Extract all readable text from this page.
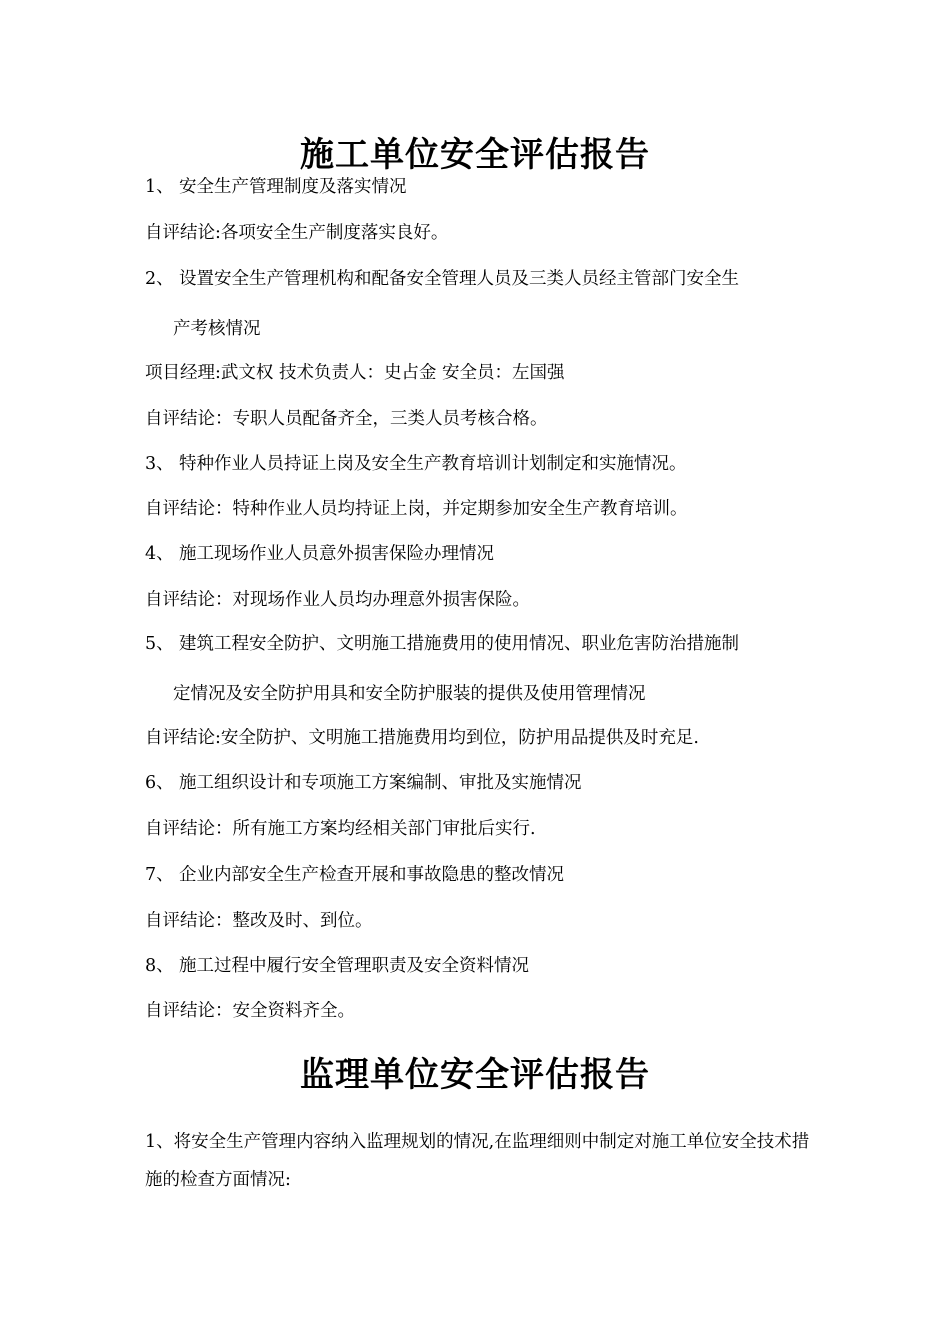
施工单位安全评估报告
1、 安全生产管理制度及落实情况
自评结论:各项安全生产制度落实良好。
2、 设置安全生产管理机构和配备安全管理人员及三类人员经主管部门安全生
产考核情况
项目经理:武文权 技术负责人：史占金 安全员：左国强
自评结论：专职人员配备齐全，三类人员考核合格。
3、 特种作业人员持证上岗及安全生产教育培训计划制定和实施情况。
自评结论：特种作业人员均持证上岗，并定期参加安全生产教育培训。
4、 施工现场作业人员意外损害保险办理情况
自评结论：对现场作业人员均办理意外损害保险。
5、 建筑工程安全防护、文明施工措施费用的使用情况、职业危害防治措施制
定情况及安全防护用具和安全防护服装的提供及使用管理情况
自评结论:安全防护、文明施工措施费用均到位，防护用品提供及时充足.
6、 施工组织设计和专项施工方案编制、审批及实施情况
自评结论：所有施工方案均经相关部门审批后实行.
7、 企业内部安全生产检查开展和事故隐患的整改情况
自评结论：整改及时、到位。
8、 施工过程中履行安全管理职责及安全资料情况
自评结论：安全资料齐全。
监理单位安全评估报告
1、将安全生产管理内容纳入监理规划的情况,在监理细则中制定对施工单位安全技术措施的检查方面情况:
